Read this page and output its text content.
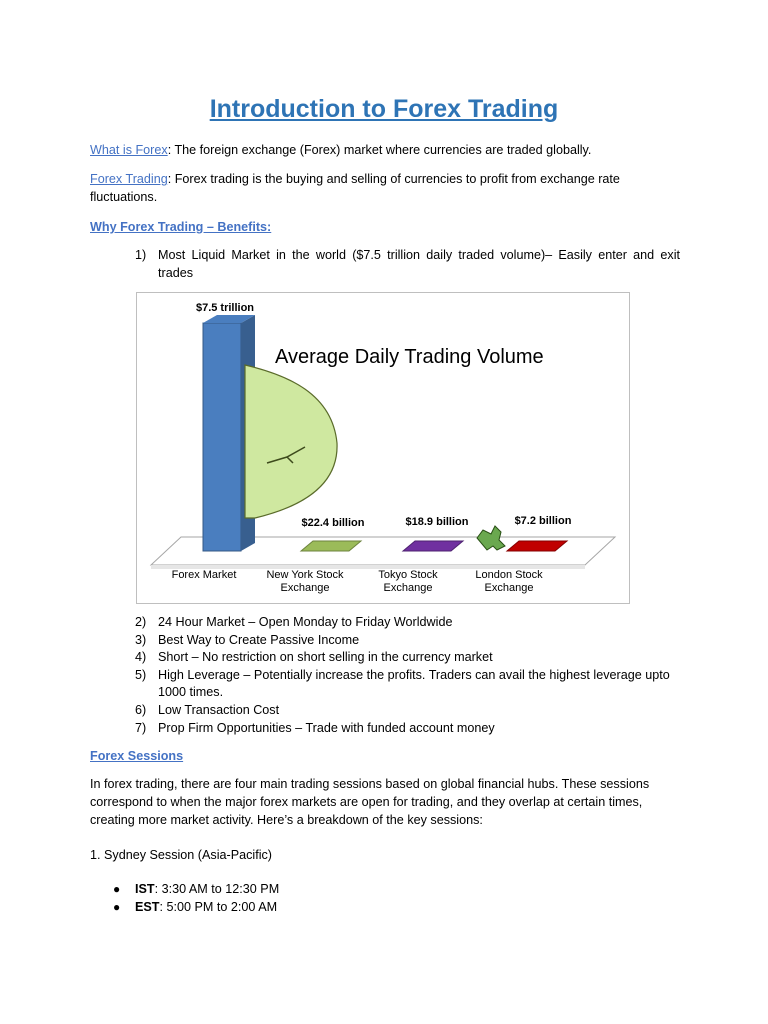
Introduction to Forex Trading
What is Forex: The foreign exchange (Forex) market where currencies are traded globally.
Forex Trading: Forex trading is the buying and selling of currencies to profit from exchange rate fluctuations.
Why Forex Trading – Benefits:
1) Most Liquid Market in the world ($7.5 trillion daily traded volume)– Easily enter and exit trades
Average Daily Trading Volume
$7.5 trillion
$22.4 billion	$18.9 billion	$7.2 billion
Forex Market	New York Stock
Exchange
Tokyo Stock
Exchange
London Stock
Exchange
2) 24 Hour Market – Open Monday to Friday Worldwide
3) Best Way to Create Passive Income
4) Short – No restriction on short selling in the currency market
5) High Leverage – Potentially increase the profits. Traders can avail the highest leverage upto 1000 times.
6) Low Transaction Cost
7) Prop Firm Opportunities – Trade with funded account money
Forex Sessions
In forex trading, there are four main trading sessions based on global financial hubs. These sessions correspond to when the major forex markets are open for trading, and they overlap at certain times, creating more market activity. Here’s a breakdown of the key sessions:
1. Sydney Session (Asia-Pacific)
● IST: 3:30 AM to 12:30 PM
● EST: 5:00 PM to 2:00 AM
